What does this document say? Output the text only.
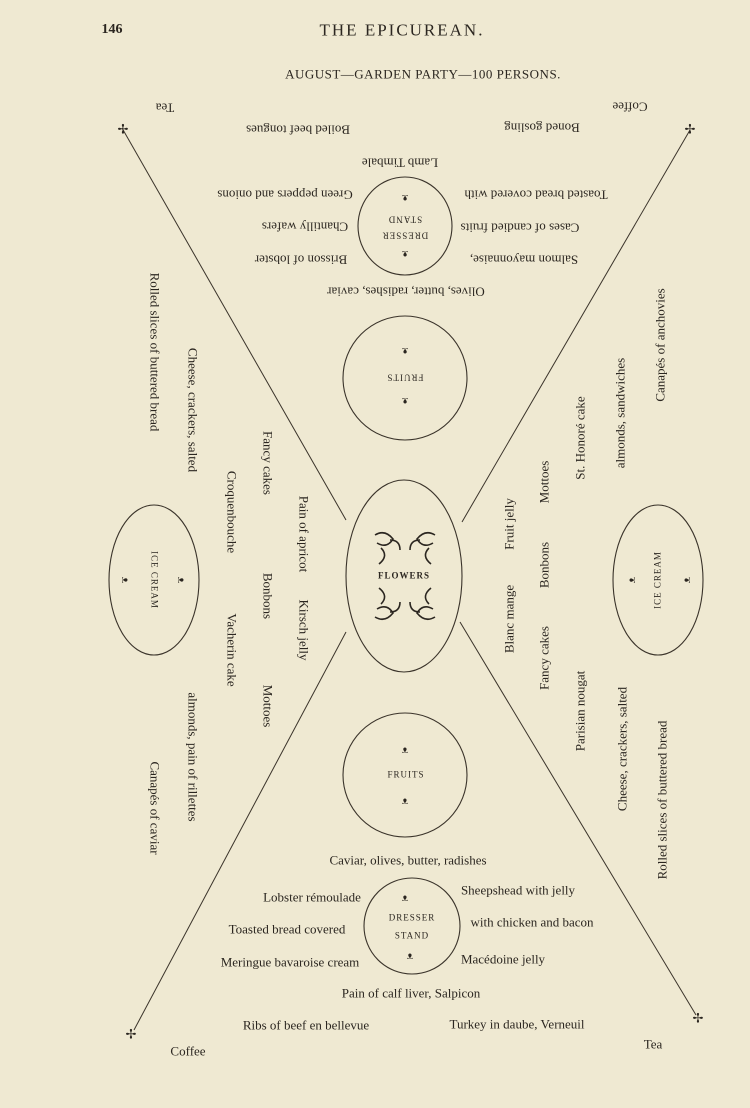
146	THE EPICUREAN.
AUGUST—GARDEN PARTY—100 PERSONS.
Tea	Coffee
Coffee	Tea
✢	✢
✢
✢
Boiled beef tongues	Boned gosling
Lamb Timbale
Green peppers and onions	Toasted bread covered with
Chantilly wafers	Cases of candied fruits
Brisson of lobster	Salmon mayonnaise,
Olives, butter, radishes, caviar
ᴥ
STAND
DRESSER
ᴥ
ᴥ
FRUITS
ᴥ
FLOWERS
Rolled slices of buttered bread Cheese, crackers, salted	Fancy cakes
Croquenbouche	Pain of apricot
Bonbons
Kirsch jelly
Vacherin cake
Mottoes
almonds, pain of rillettes
Canapés of caviar
ᴥ
ICE CREAM
ᴥ
Canapés of anchovies
almonds, sandwiches
St. Honoré cake
Mottoes
Fruit jelly
Bonbons
Blanc mange
Fancy cakes
Parisian nougat Cheese, crackers, salted Rolled slices of buttered bread
ᴥ ICE CREAM ᴥ
ᴥ
FRUITS
ᴥ
Caviar, olives, butter, radishes
Lobster rémoulade	Sheepshead with jelly
Toasted bread covered	with chicken and bacon
Meringue bavaroise cream	Macédoine jelly
Pain of calf liver, Salpicon
Ribs of beef en bellevue	Turkey in daube, Verneuil
ᴥ
DRESSER
STAND
ᴥ
